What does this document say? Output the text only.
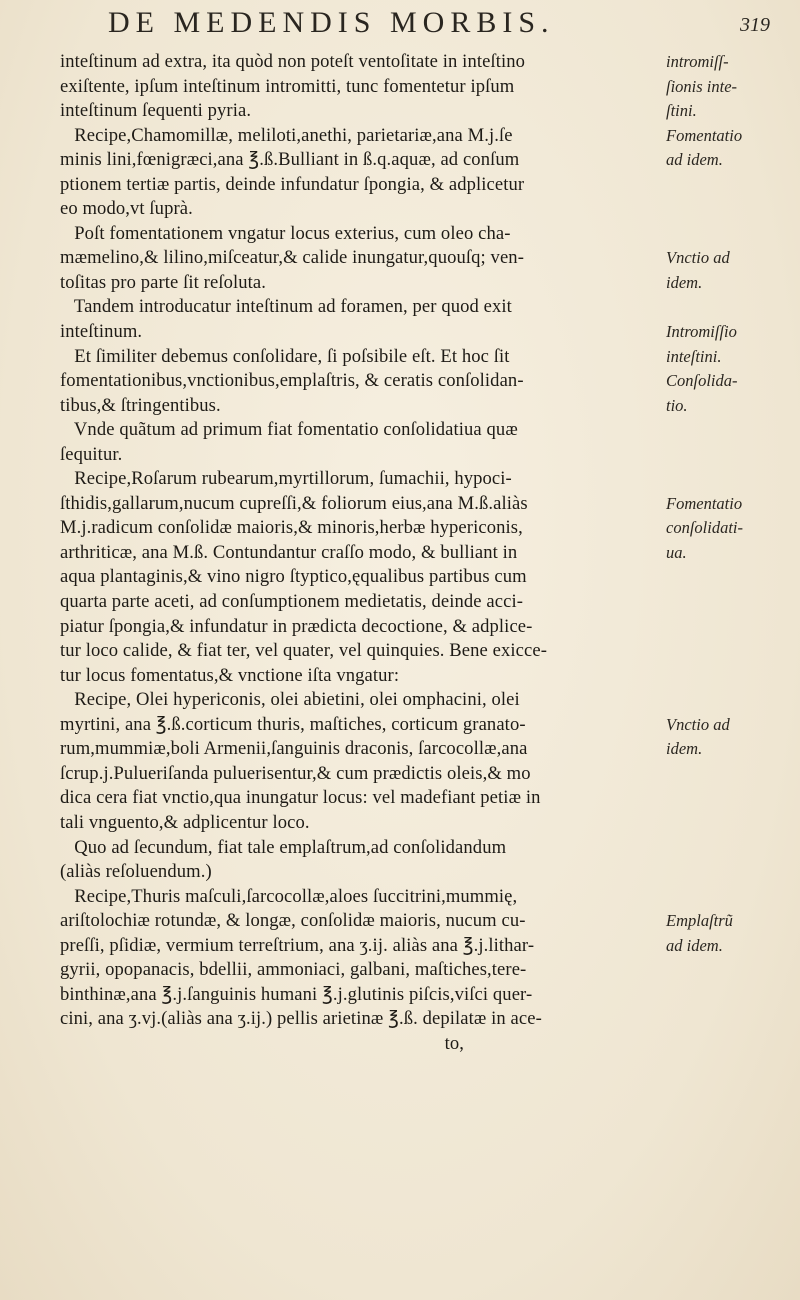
DE MEDENDIS MORBIS.	319
inteſtinum ad extra, ita quòd non poteſt ventoſitate in inteſtino
exiſtente, ipſum inteſtinum intromitti, tunc fomentetur ipſum
inteſtinum ſequenti pyria.
Recipe,Chamomillæ, meliloti,anethi, parietariæ,ana M.j.ſe
minis lini,fœnigræci,ana ℥.ß.Bulliant in ß.q.aquæ, ad conſum
ptionem tertiæ partis, deinde infundatur ſpongia, & adplicetur
eo modo,vt ſuprà.
Poſt fomentationem vngatur locus exterius, cum oleo cha-
mæmelino,& lilino,miſceatur,& calide inungatur,quouſq; ven-
toſitas pro parte ſit reſoluta.
Tandem introducatur inteſtinum ad foramen, per quod exit
inteſtinum.
Et ſimiliter debemus conſolidare, ſi poſsibile eſt. Et hoc ſit
fomentationibus,vnctionibus,emplaſtris, & ceratis conſolidan-
tibus,& ſtringentibus.
Vnde quãtum ad primum fiat fomentatio conſolidatiua quæ
ſequitur.
Recipe,Roſarum rubearum,myrtillorum, ſumachii, hypoci-
ſthidis,gallarum,nucum cupreſſi,& foliorum eius,ana M.ß.aliàs
M.j.radicum conſolidæ maioris,& minoris,herbæ hypericonis,
arthriticæ, ana M.ß. Contundantur craſſo modo, & bulliant in
aqua plantaginis,& vino nigro ſtyptico,ęqualibus partibus cum
quarta parte aceti, ad conſumptionem medietatis, deinde acci-
piatur ſpongia,& infundatur in prædicta decoctione, & adplice-
tur loco calide, & fiat ter, vel quater, vel quinquies. Bene exicce-
tur locus fomentatus,& vnctione iſta vngatur:
Recipe, Olei hypericonis, olei abietini, olei omphacini, olei
myrtini, ana ℥.ß.corticum thuris, maſtiches, corticum granato-
rum,mummiæ,boli Armenii,ſanguinis draconis, ſarcocollæ,ana
ſcrup.j.Pulueriſanda puluerisentur,& cum prædictis oleis,& mo
dica cera fiat vnctio,qua inungatur locus: vel madefiant petiæ in
tali vnguento,& adplicentur loco.
Quo ad ſecundum, fiat tale emplaſtrum,ad conſolidandum
(aliàs reſoluendum.)
Recipe,Thuris maſculi,ſarcocollæ,aloes ſuccitrini,mummię,
ariſtolochiæ rotundæ, & longæ, conſolidæ maioris, nucum cu-
preſſi, pſidiæ, vermium terreſtrium, ana ʒ.ij. aliàs ana ℥.j.lithar-
gyrii, opopanacis, bdellii, ammoniaci, galbani, maſtiches,tere-
binthinæ,ana ℥.j.ſanguinis humani ℥.j.glutinis piſcis,viſci quer-
cini, ana ʒ.vj.(aliàs ana ʒ.ij.) pellis arietinæ ℥.ß. depilatæ in ace-
to,
intromiſſ-
ſionis inte-
ſtini.
Fomentatio
ad idem.
Vnctio ad
idem.
Intromiſſio
inteſtini.
Conſolida-
tio.
Fomentatio
conſolidati-
ua.
Vnctio ad
idem.
Emplaſtrũ
ad idem.
